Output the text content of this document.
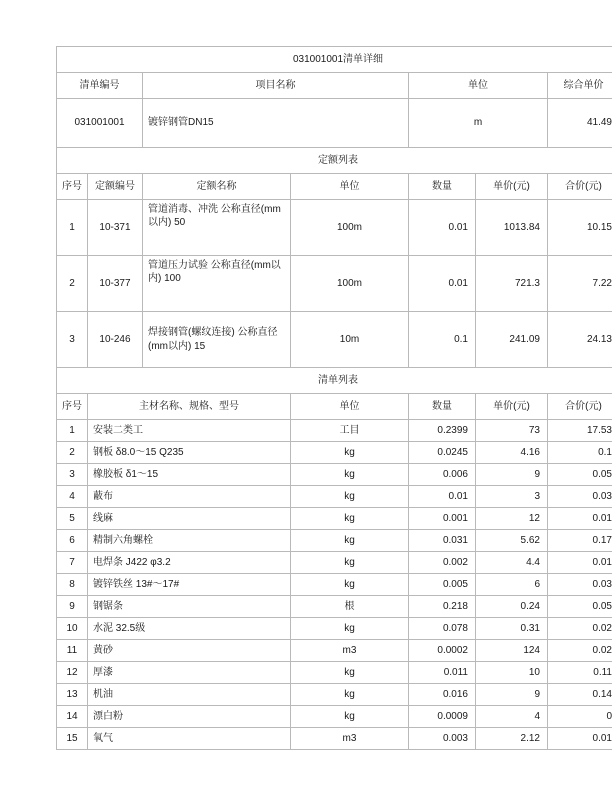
031001001清单详细						
清单编号		项目名称		单位		综合单价
031001001		镀锌钢管DN15		m		41.49
定额列表						
序号	定额编号	定额名称	单位	数量	单价(元)	合价(元)
1	10-371	管道消毒、冲洗 公称直径(mm以内) 50	100m	0.01	1013.84	10.15
2	10-377	管道压力试验 公称直径(mm以内) 100	100m	0.01	721.3	7.22
3	10-246	焊接钢管(螺纹连接) 公称直径(mm以内) 15	10m	0.1	241.09	24.13
清单列表						
序号	主材名称、规格、型号		单位	数量	单价(元)	合价(元)
1	安装二类工		工目	0.2399	73	17.53
2	钢板 δ8.0～15 Q235		kg	0.0245	4.16	0.1
3	橡胶板 δ1～15		kg	0.006	9	0.05
4	蔽布		kg	0.01	3	0.03
5	线麻		kg	0.001	12	0.01
6	精制六角螺栓		kg	0.031	5.62	0.17
7	电焊条 J422 φ3.2		kg	0.002	4.4	0.01
8	镀锌铁丝 13#～17#		kg	0.005	6	0.03
9	钢锯条		根	0.218	0.24	0.05
10	水泥 32.5级		kg	0.078	0.31	0.02
11	黄砂		m3	0.0002	124	0.02
12	厚漆		kg	0.011	10	0.11
13	机油		kg	0.016	9	0.14
14	漂白粉		kg	0.0009	4	0
15	氧气		m3	0.003	2.12	0.01
